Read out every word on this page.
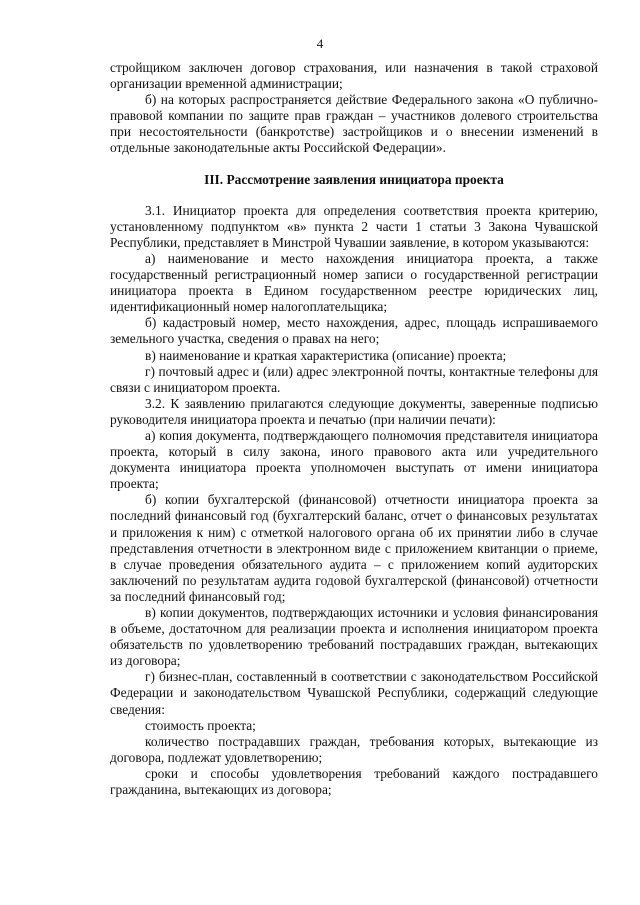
4

стройщиком заключен договор страхования, или назначения в такой страховой организации временной администрации;

б) на которых распространяется действие Федерального закона «О публично-правовой компании по защите прав граждан – участников долевого строительства при несостоятельности (банкротстве) застройщиков и о внесении изменений в отдельные законодательные акты Российской Федерации».

III. Рассмотрение заявления инициатора проекта

3.1. Инициатор проекта для определения соответствия проекта критерию, установленному подпунктом «в» пункта 2 части 1 статьи 3 Закона Чувашской Республики, представляет в Минстрой Чувашии заявление, в котором указываются:

а) наименование и место нахождения инициатора проекта, а также государственный регистрационный номер записи о государственной регистрации инициатора проекта в Едином государственном реестре юридических лиц, идентификационный номер налогоплательщика;

б) кадастровый номер, место нахождения, адрес, площадь испрашиваемого земельного участка, сведения о правах на него;

в) наименование и краткая характеристика (описание) проекта;

г) почтовый адрес и (или) адрес электронной почты, контактные телефоны для связи с инициатором проекта.

3.2. К заявлению прилагаются следующие документы, заверенные подписью руководителя инициатора проекта и печатью (при наличии печати):

а) копия документа, подтверждающего полномочия представителя инициатора проекта, который в силу закона, иного правового акта или учредительного документа инициатора проекта уполномочен выступать от имени инициатора проекта;

б) копии бухгалтерской (финансовой) отчетности инициатора проекта за последний финансовый год (бухгалтерский баланс, отчет о финансовых результатах и приложения к ним) с отметкой налогового органа об их принятии либо в случае представления отчетности в электронном виде с приложением квитанции о приеме, в случае проведения обязательного аудита – с приложением копий аудиторских заключений по результатам аудита годовой бухгалтерской (финансовой) отчетности за последний финансовый год;

в) копии документов, подтверждающих источники и условия финансирования в объеме, достаточном для реализации проекта и исполнения инициатором проекта обязательств по удовлетворению требований пострадавших граждан, вытекающих из договора;

г) бизнес-план, составленный в соответствии с законодательством Российской Федерации и законодательством Чувашской Республики, содержащий следующие сведения:

стоимость проекта;

количество пострадавших граждан, требования которых, вытекающие из договора, подлежат удовлетворению;

сроки и способы удовлетворения требований каждого пострадавшего гражданина, вытекающих из договора;
